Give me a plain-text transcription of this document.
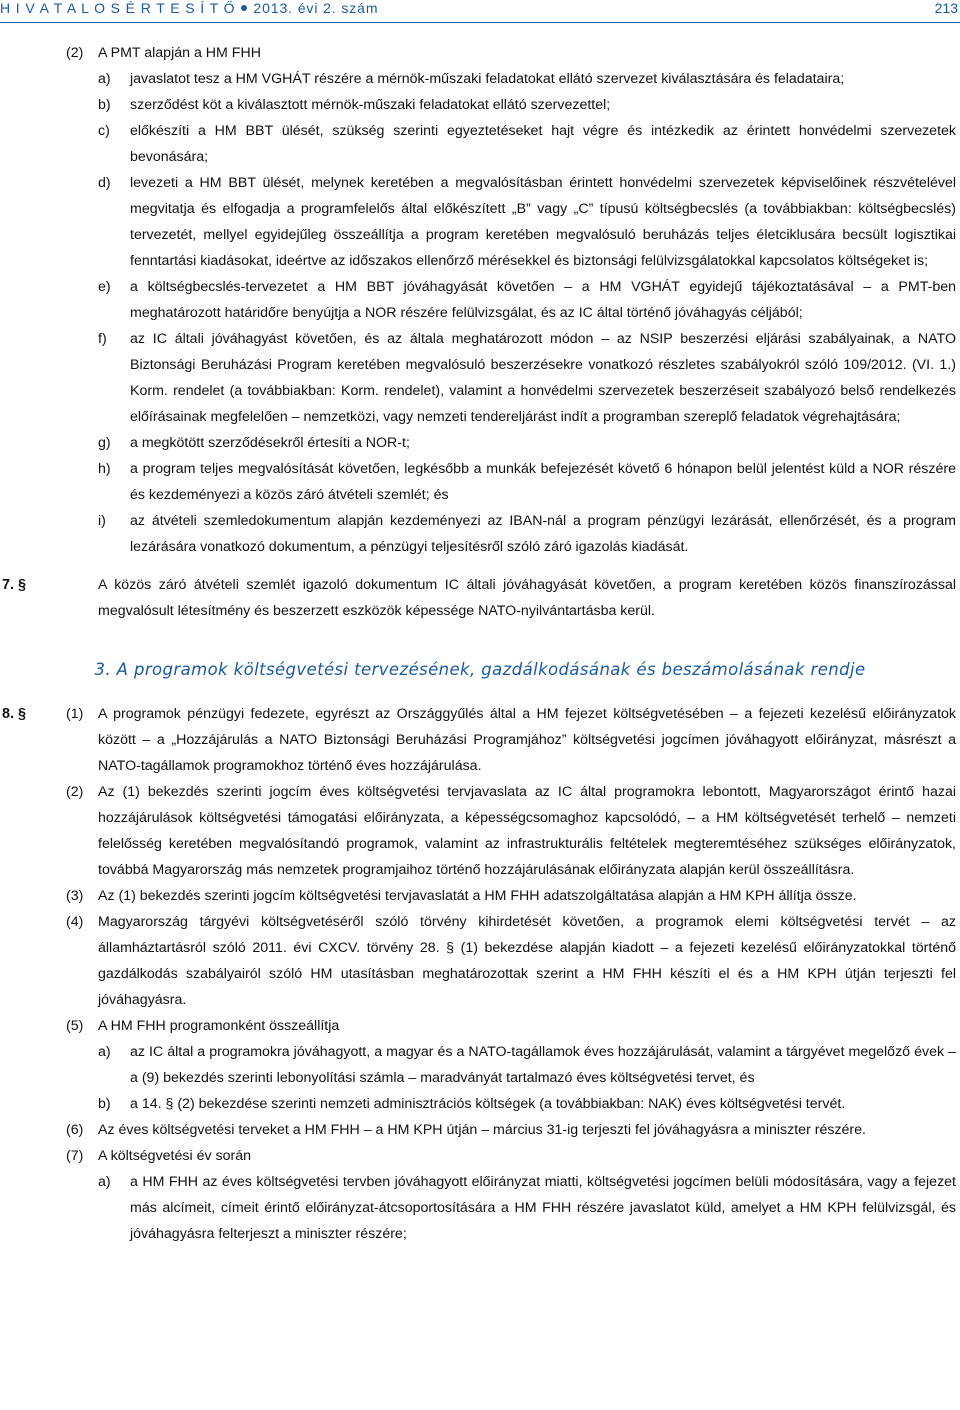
H I V A T A L O S É R T E S Í T Ő 2013. évi 2. szám	213
(2) A PMT alapján a HM FHH
a) javaslatot tesz a HM VGHÁT részére a mérnök-műszaki feladatokat ellátó szervezet kiválasztására és feladataira;
b) szerződést köt a kiválasztott mérnök-műszaki feladatokat ellátó szervezettel;
c) előkészíti a HM BBT ülését, szükség szerinti egyeztetéseket hajt végre és intézkedik az érintett honvédelmi szervezetek bevonására;
d) levezeti a HM BBT ülését, melynek keretében a megvalósításban érintett honvédelmi szervezetek képviselőinek részvételével megvitatja és elfogadja a programfelelős által előkészített „B” vagy „C” típusú költségbecslés (a továbbiakban: költségbecslés) tervezetét, mellyel egyidejűleg összeállítja a program keretében megvalósuló beruházás teljes életciklusára becsült logisztikai fenntartási kiadásokat, ideértve az időszakos ellenőrző mérésekkel és biztonsági felülvizsgálatokkal kapcsolatos költségeket is;
e) a költségbecslés-tervezetet a HM BBT jóváhagyását követően – a HM VGHÁT egyidejű tájékoztatásával – a PMT-ben meghatározott határidőre benyújtja a NOR részére felülvizsgálat, és az IC által történő jóváhagyás céljából;
f) az IC általi jóváhagyást követően, és az általa meghatározott módon – az NSIP beszerzési eljárási szabályainak, a NATO Biztonsági Beruházási Program keretében megvalósuló beszerzésekre vonatkozó részletes szabályokról szóló 109/2012. (VI. 1.) Korm. rendelet (a továbbiakban: Korm. rendelet), valamint a honvédelmi szervezetek beszerzéseit szabályozó belső rendelkezés előírásainak megfelelően – nemzetközi, vagy nemzeti tendereljárást indít a programban szereplő feladatok végrehajtására;
g) a megkötött szerződésekről értesíti a NOR-t;
h) a program teljes megvalósítását követően, legkésőbb a munkák befejezését követő 6 hónapon belül jelentést küld a NOR részére és kezdeményezi a közös záró átvételi szemlét; és
i) az átvételi szemledokumentum alapján kezdeményezi az IBAN-nál a program pénzügyi lezárását, ellenőrzését, és a program lezárására vonatkozó dokumentum, a pénzügyi teljesítésről szóló záró igazolás kiadását.
7. §	A közös záró átvételi szemlét igazoló dokumentum IC általi jóváhagyását követően, a program keretében közös finanszírozással megvalósult létesítmény és beszerzett eszközök képessége NATO-nyilvántartásba kerül.
3. A programok költségvetési tervezésének, gazdálkodásának és beszámolásának rendje
8. §	(1) A programok pénzügyi fedezete, egyrészt az Országgyűlés által a HM fejezet költségvetésében – a fejezeti kezelésű előirányzatok között – a „Hozzájárulás a NATO Biztonsági Beruházási Programjához” költségvetési jogcímen jóváhagyott előirányzat, másrészt a NATO-tagállamok programokhoz történő éves hozzájárulása.
(2) Az (1) bekezdés szerinti jogcím éves költségvetési tervjavaslata az IC által programokra lebontott, Magyarországot érintő hazai hozzájárulások költségvetési támogatási előirányzata, a képességcsomaghoz kapcsolódó, – a HM költségvetését terhelő – nemzeti felelősség keretében megvalósítandó programok, valamint az infrastrukturális feltételek megteremtéséhez szükséges előirányzatok, továbbá Magyarország más nemzetek programjaihoz történő hozzájárulásának előirányzata alapján kerül összeállításra.
(3) Az (1) bekezdés szerinti jogcím költségvetési tervjavaslatát a HM FHH adatszolgáltatása alapján a HM KPH állítja össze.
(4) Magyarország tárgyévi költségvetéséről szóló törvény kihirdetését követően, a programok elemi költségvetési tervét – az államháztartásról szóló 2011. évi CXCV. törvény 28. § (1) bekezdése alapján kiadott – a fejezeti kezelésű előirányzatokkal történő gazdálkodás szabályairól szóló HM utasításban meghatározottak szerint a HM FHH készíti el és a HM KPH útján terjeszti fel jóváhagyásra.
(5) A HM FHH programonként összeállítja
a) az IC által a programokra jóváhagyott, a magyar és a NATO-tagállamok éves hozzájárulását, valamint a tárgyévet megelőző évek – a (9) bekezdés szerinti lebonyolítási számla – maradványát tartalmazó éves költségvetési tervet, és
b) a 14. § (2) bekezdése szerinti nemzeti adminisztrációs költségek (a továbbiakban: NAK) éves költségvetési tervét.
(6) Az éves költségvetési terveket a HM FHH – a HM KPH útján – március 31-ig terjeszti fel jóváhagyásra a miniszter részére.
(7) A költségvetési év során
a) a HM FHH az éves költségvetési tervben jóváhagyott előirányzat miatti, költségvetési jogcímen belüli módosítására, vagy a fejezet más alcímeit, címeit érintő előirányzat-átcsoportosítására a HM FHH részére javaslatot küld, amelyet a HM KPH felülvizsgál, és jóváhagyásra felterjeszt a miniszter részére;
